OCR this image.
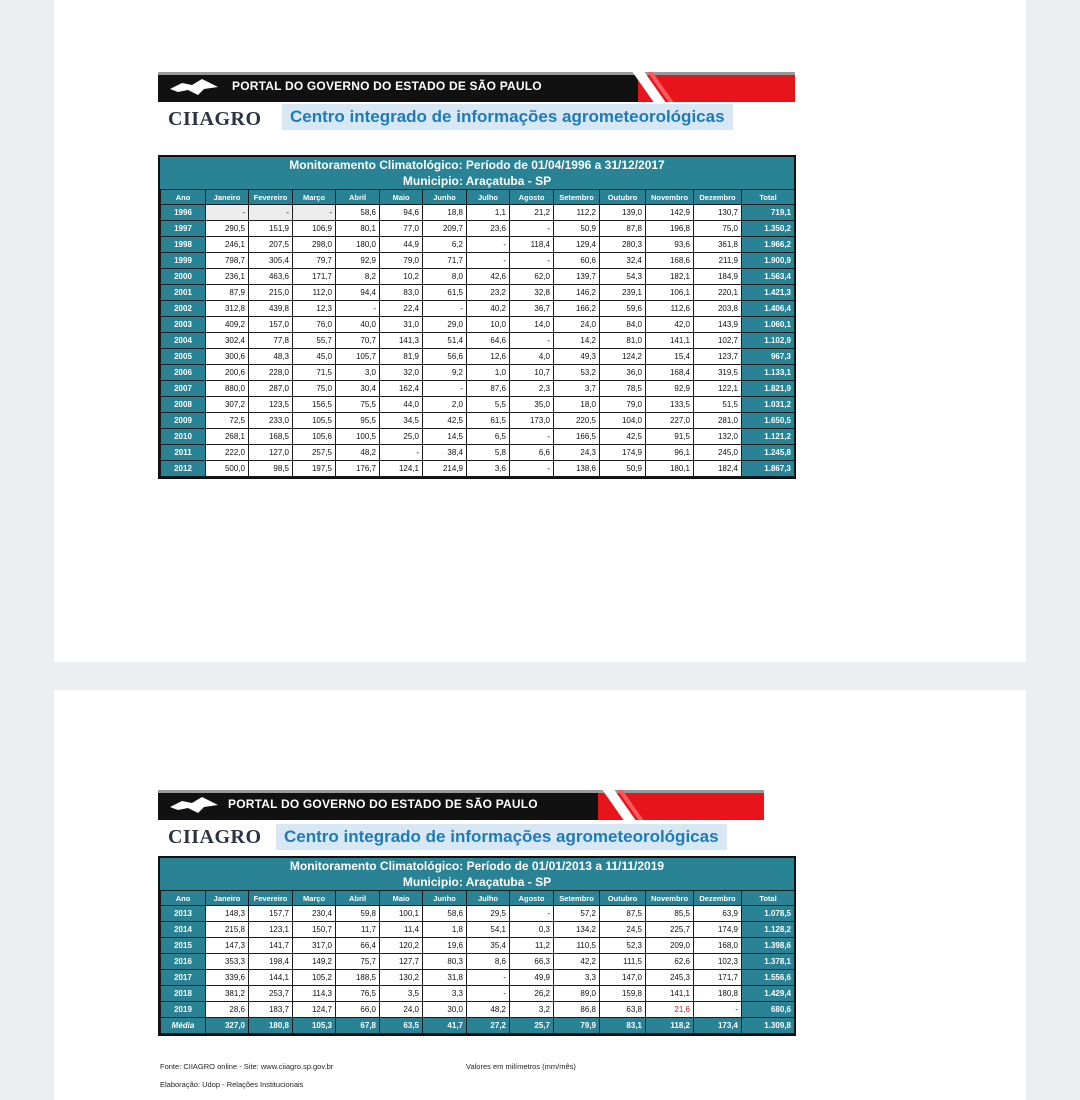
PORTAL DO GOVERNO DO ESTADO DE SÃO PAULO
CIIAGRO	Centro integrado de informações agrometeorológicas
Monitoramento Climatológico: Período de 01/04/1996 a 31/12/2017
Municipio: Araçatuba - SP
Ano	Janeiro	Fevereiro	Março	Abril	Maio	Junho	Julho	Agosto	Setembro	Outubro	Novembro	Dezembro	Total
1996	-	-	-	58,6	94,6	18,8	1,1	21,2	112,2	139,0	142,9	130,7	719,1
1997	290,5	151,9	106,9	80,1	77,0	209,7	23,6	-	50,9	87,8	196,8	75,0	1.350,2
1998	246,1	207,5	298,0	180,0	44,9	6,2	-	118,4	129,4	280,3	93,6	361,8	1.966,2
1999	798,7	305,4	79,7	92,9	79,0	71,7	-	-	60,6	32,4	168,6	211,9	1.900,9
2000	236,1	463,6	171,7	8,2	10,2	8,0	42,6	62,0	139,7	54,3	182,1	184,9	1.563,4
2001	87,9	215,0	112,0	94,4	83,0	61,5	23,2	32,8	146,2	239,1	106,1	220,1	1.421,3
2002	312,8	439,8	12,3	-	22,4	-	40,2	36,7	166,2	59,6	112,6	203,8	1.406,4
2003	409,2	157,0	76,0	40,0	31,0	29,0	10,0	14,0	24,0	84,0	42,0	143,9	1.060,1
2004	302,4	77,8	55,7	70,7	141,3	51,4	64,6	-	14,2	81,0	141,1	102,7	1.102,9
2005	300,6	48,3	45,0	105,7	81,9	56,6	12,6	4,0	49,3	124,2	15,4	123,7	967,3
2006	200,6	228,0	71,5	3,0	32,0	9,2	1,0	10,7	53,2	36,0	168,4	319,5	1.133,1
2007	880,0	287,0	75,0	30,4	162,4	-	87,6	2,3	3,7	78,5	92,9	122,1	1.821,9
2008	307,2	123,5	156,5	75,5	44,0	2,0	5,5	35,0	18,0	79,0	133,5	51,5	1.031,2
2009	72,5	233,0	105,5	95,5	34,5	42,5	61,5	173,0	220,5	104,0	227,0	281,0	1.650,5
2010	268,1	168,5	105,6	100,5	25,0	14,5	6,5	-	166,5	42,5	91,5	132,0	1.121,2
2011	222,0	127,0	257,5	48,2	-	38,4	5,8	6,6	24,3	174,9	96,1	245,0	1.245,8
2012	500,0	98,5	197,5	176,7	124,1	214,9	3,6	-	138,6	50,9	180,1	182,4	1.867,3
PORTAL DO GOVERNO DO ESTADO DE SÃO PAULO
CIIAGRO	Centro integrado de informações agrometeorológicas
Monitoramento Climatológico: Período de 01/01/2013 a 11/11/2019
Municipio: Araçatuba - SP
Ano	Janeiro	Fevereiro	Março	Abril	Maio	Junho	Julho	Agosto	Setembro	Outubro	Novembro	Dezembro	Total
2013	148,3	157,7	230,4	59,8	100,1	58,6	29,5	-	57,2	87,5	85,5	63,9	1.078,5
2014	215,8	123,1	150,7	11,7	11,4	1,8	54,1	0,3	134,2	24,5	225,7	174,9	1.128,2
2015	147,3	141,7	317,0	66,4	120,2	19,6	35,4	11,2	110,5	52,3	209,0	168,0	1.398,6
2016	353,3	198,4	149,2	75,7	127,7	80,3	8,6	66,3	42,2	111,5	62,6	102,3	1.378,1
2017	339,6	144,1	105,2	188,5	130,2	31,8	-	49,9	3,3	147,0	245,3	171,7	1.556,6
2018	381,2	253,7	114,3	76,5	3,5	3,3	-	26,2	89,0	159,8	141,1	180,8	1.429,4
2019	28,6	183,7	124,7	66,0	24,0	30,0	48,2	3,2	86,8	63,8	21,6	-	680,6
Média	327,0	180,8	105,3	67,8	63,5	41,7	27,2	25,7	79,9	83,1	118,2	173,4	1.309,8
Fonte: CIIAGRO online - Site: www.ciiagro.sp.gov.br	Valores em milímetros (mm/mês)
Elaboração: Udop - Relações Institucionais
